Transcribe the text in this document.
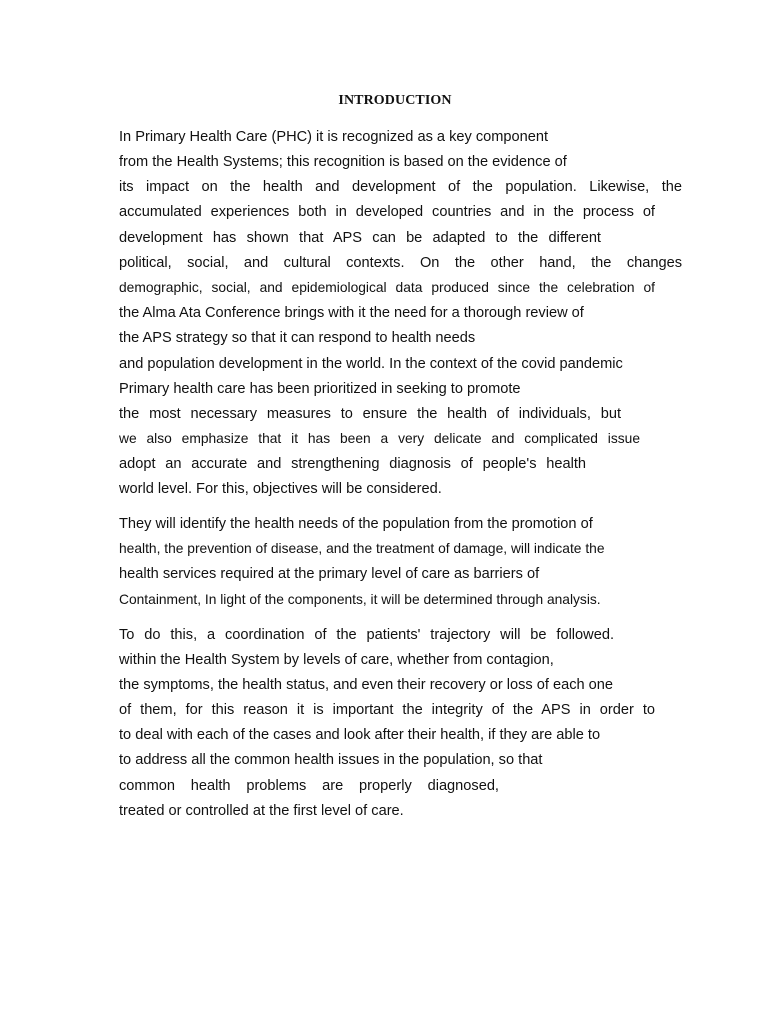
INTRODUCTION
In Primary Health Care (PHC) it is recognized as a key component
from the Health Systems; this recognition is based on the evidence of
its impact on the health and development of the population. Likewise, the
accumulated experiences both in developed countries and in the process of
development has shown that APS can be adapted to the different
political, social, and cultural contexts. On the other hand, the changes
demographic, social, and epidemiological data produced since the celebration of
the Alma Ata Conference brings with it the need for a thorough review of
the APS strategy so that it can respond to health needs
and population development in the world. In the context of the covid pandemic
Primary health care has been prioritized in seeking to promote
the most necessary measures to ensure the health of individuals, but
we also emphasize that it has been a very delicate and complicated issue
adopt an accurate and strengthening diagnosis of people's health
world level. For this, objectives will be considered.
They will identify the health needs of the population from the promotion of
health, the prevention of disease, and the treatment of damage, will indicate the
health services required at the primary level of care as barriers of
Containment, In light of the components, it will be determined through analysis.
To do this, a coordination of the patients' trajectory will be followed.
within the Health System by levels of care, whether from contagion,
the symptoms, the health status, and even their recovery or loss of each one
of them, for this reason it is important the integrity of the APS in order to
to deal with each of the cases and look after their health, if they are able to
to address all the common health issues in the population, so that
common health problems are properly diagnosed,
treated or controlled at the first level of care.
